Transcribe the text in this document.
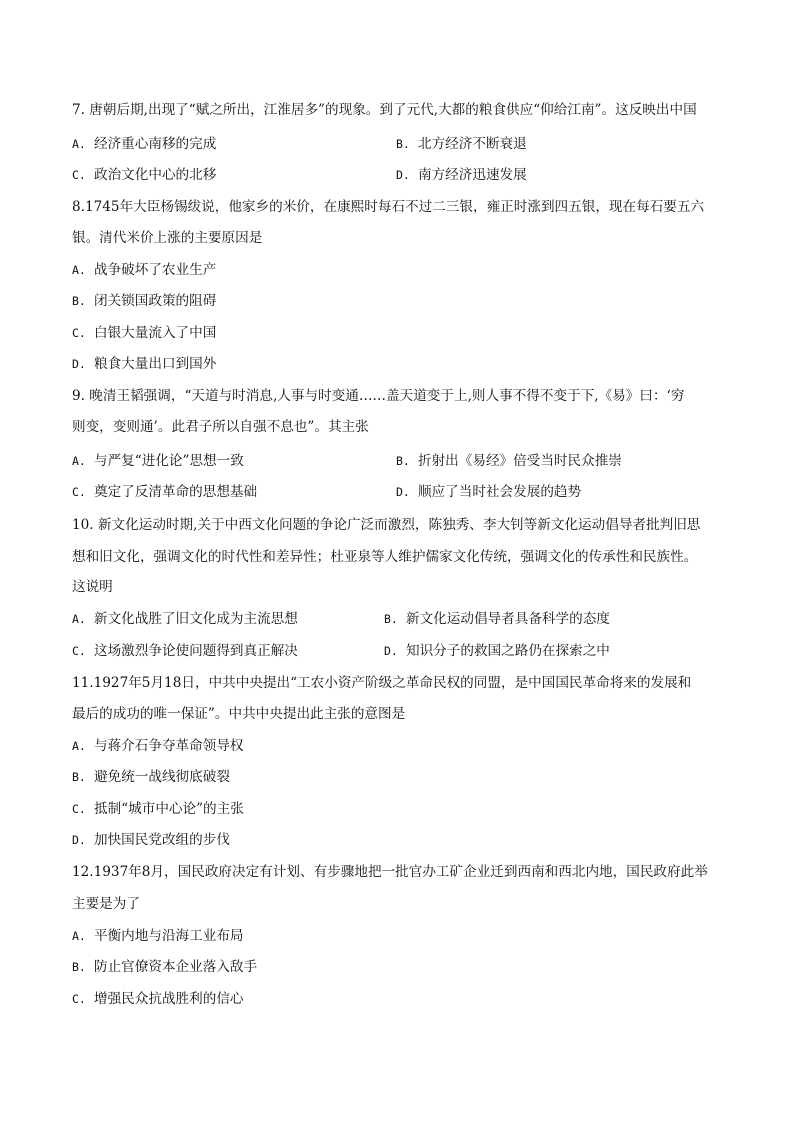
7. 唐朝后期,出现了“赋之所出，江淮居多”的现象。到了元代,大都的粮食供应“仰给江南”。这反映出中国
A. 经济重心南移的完成	B. 北方经济不断衰退
C. 政治文化中心的北移	D. 南方经济迅速发展
8.1745年大臣杨锡绂说，他家乡的米价，在康熙时每石不过二三银，雍正时涨到四五银，现在每石要五六
银。清代米价上涨的主要原因是
A. 战争破坏了农业生产
B. 闭关锁国政策的阻碍
C. 白银大量流入了中国
D. 粮食大量出口到国外
9. 晚清王韬强调，“天道与时消息,人事与时变通……盖天道变于上,则人事不得不变于下,《易》曰：‘穷
则变，变则通’。此君子所以自强不息也”。其主张
A. 与严复“进化论”思想一致	B. 折射出《易经》倍受当时民众推崇
C. 奠定了反清革命的思想基础	D. 顺应了当时社会发展的趋势
10. 新文化运动时期,关于中西文化问题的争论广泛而激烈，陈独秀、李大钊等新文化运动倡导者批判旧思
想和旧文化，强调文化的时代性和差异性；杜亚泉等人维护儒家文化传统，强调文化的传承性和民族性。
这说明
A. 新文化战胜了旧文化成为主流思想	B. 新文化运动倡导者具备科学的态度
C. 这场激烈争论使问题得到真正解决	D. 知识分子的救国之路仍在探索之中
11.1927年5月18日，中共中央提出“工农小资产阶级之革命民权的同盟，是中国国民革命将来的发展和
最后的成功的唯一保证”。中共中央提出此主张的意图是
A. 与蒋介石争夺革命领导权
B. 避免统一战线彻底破裂
C. 抵制“城市中心论”的主张
D. 加快国民党改组的步伐
12.1937年8月，国民政府决定有计划、有步骤地把一批官办工矿企业迁到西南和西北内地，国民政府此举
主要是为了
A. 平衡内地与沿海工业布局
B. 防止官僚资本企业落入敌手
C. 增强民众抗战胜利的信心
